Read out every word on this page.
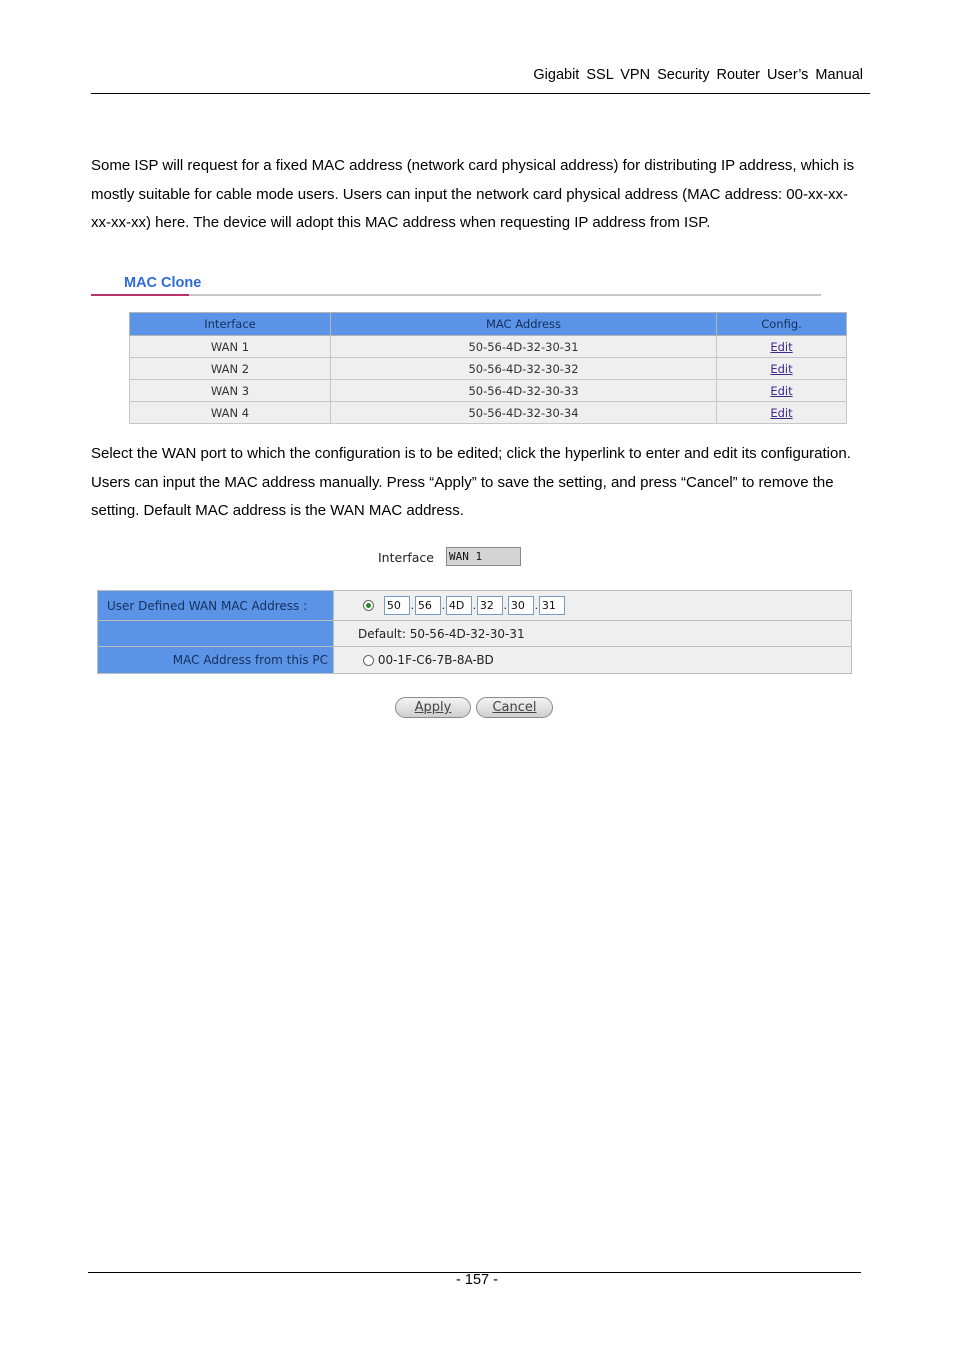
Gigabit SSL VPN Security Router User’s Manual
Some ISP will request for a fixed MAC address (network card physical address) for distributing IP address, which is mostly suitable for cable mode users. Users can input the network card physical address (MAC address: 00-xx-xx-xx-xx-xx) here. The device will adopt this MAC address when requesting IP address from ISP.
MAC Clone
Interface	MAC Address	Config.
WAN 1	50-56-4D-32-30-31	Edit
WAN 2	50-56-4D-32-30-32	Edit
WAN 3	50-56-4D-32-30-33	Edit
WAN 4	50-56-4D-32-30-34	Edit
Select the WAN port to which the configuration is to be edited; click the hyperlink to enter and edit its configuration. Users can input the MAC address manually. Press “Apply” to save the setting, and press “Cancel” to remove the setting. Default MAC address is the WAN MAC address.
Interface WAN 1
User Defined WAN MAC Address :	50 . 56 . 4D . 32 . 30 . 31
	Default: 50-56-4D-32-30-31
MAC Address from this PC	00-1F-C6-7B-8A-BD
Apply	Cancel
- 157 -
